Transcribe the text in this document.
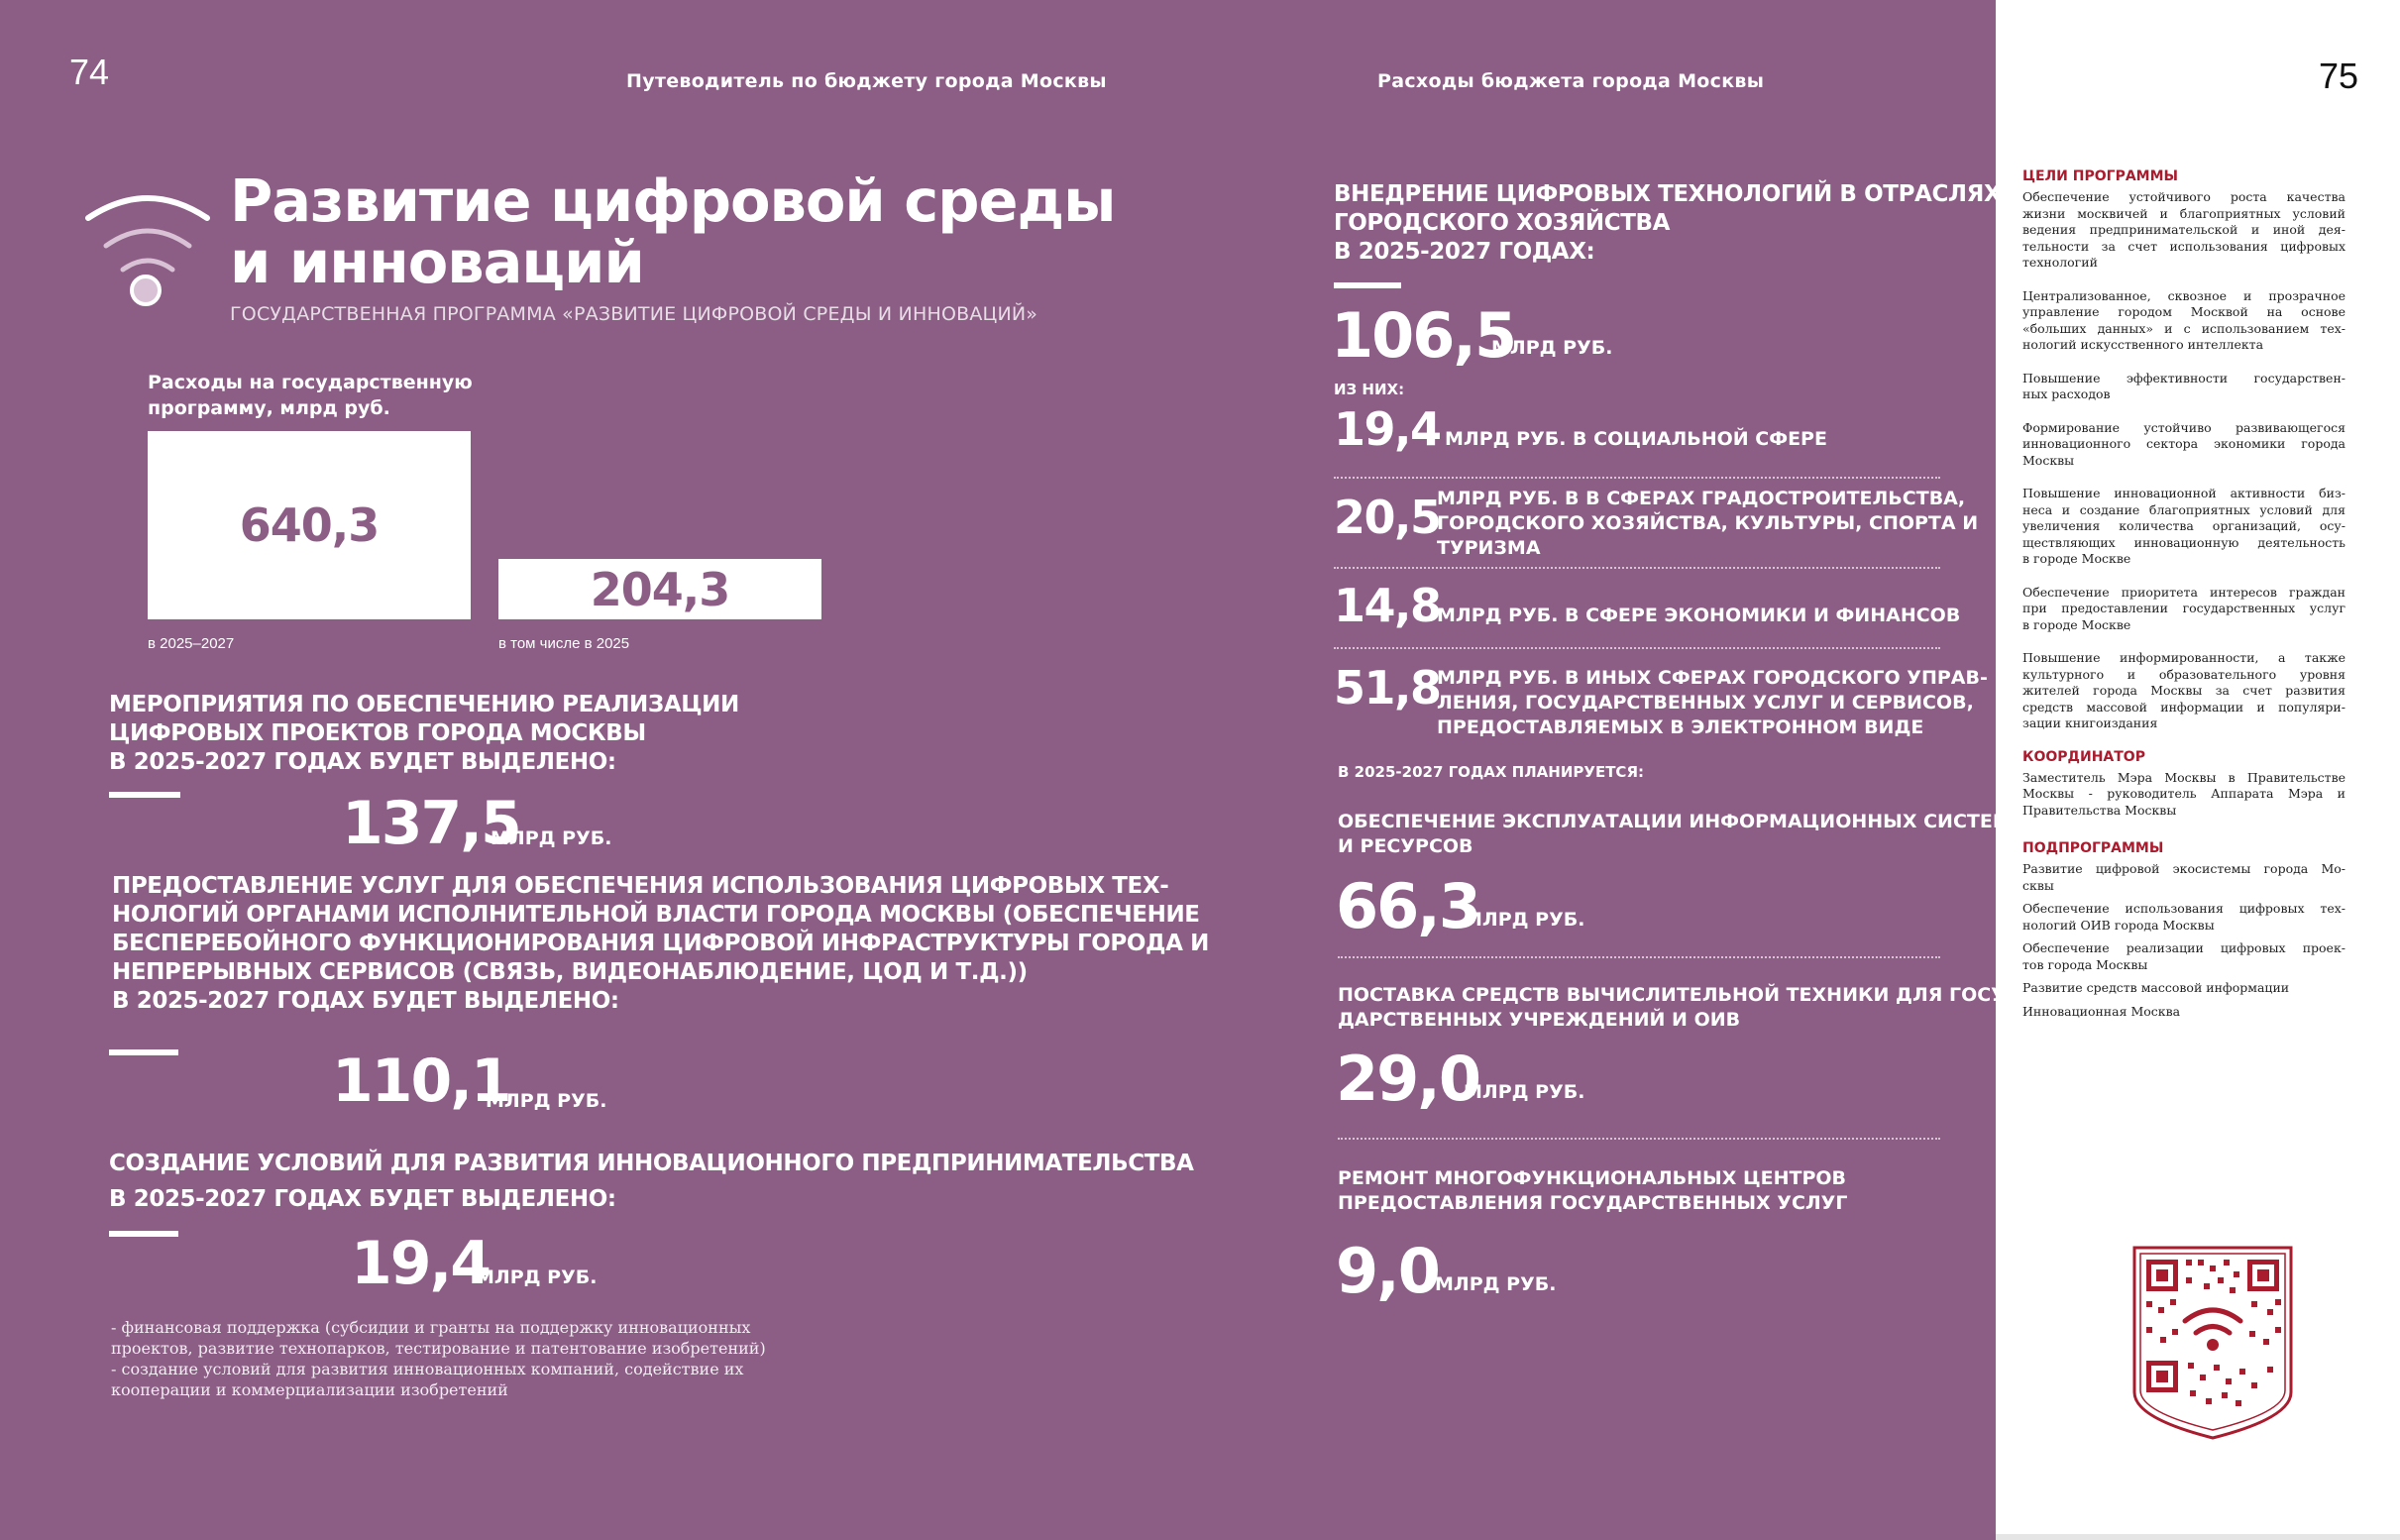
74	Путеводитель по бюджету города Москвы	Расходы бюджета города Москвы	75
Развитие цифровой среды
и инноваций
ГОСУДАРСТВЕННАЯ ПРОГРАММА «РАЗВИТИЕ ЦИФРОВОЙ СРЕДЫ И ИННОВАЦИЙ»
Расходы на государственную
программу, млрд руб.
640,3
в 2025–2027
204,3
в том числе в 2025
МЕРОПРИЯТИЯ ПО ОБЕСПЕЧЕНИЮ РЕАЛИЗАЦИИ
ЦИФРОВЫХ ПРОЕКТОВ ГОРОДА МОСКВЫ
В 2025-2027 ГОДАХ БУДЕТ ВЫДЕЛЕНО:
137,5
МЛРД РУБ.
ПРЕДОСТАВЛЕНИЕ УСЛУГ ДЛЯ ОБЕСПЕЧЕНИЯ ИСПОЛЬЗОВАНИЯ ЦИФРОВЫХ ТЕХ-
НОЛОГИЙ ОРГАНАМИ ИСПОЛНИТЕЛЬНОЙ ВЛАСТИ ГОРОДА МОСКВЫ (ОБЕСПЕЧЕНИЕ
БЕСПЕРЕБОЙНОГО ФУНКЦИОНИРОВАНИЯ ЦИФРОВОЙ ИНФРАСТРУКТУРЫ ГОРОДА И
НЕПРЕРЫВНЫХ СЕРВИСОВ (СВЯЗЬ, ВИДЕОНАБЛЮДЕНИЕ, ЦОД И Т.Д.))
В 2025-2027 ГОДАХ БУДЕТ ВЫДЕЛЕНО:
110,1
МЛРД РУБ.
СОЗДАНИЕ УСЛОВИЙ ДЛЯ РАЗВИТИЯ ИННОВАЦИОННОГО ПРЕДПРИНИМАТЕЛЬСТВА
В 2025-2027 ГОДАХ БУДЕТ ВЫДЕЛЕНО:
19,4
МЛРД РУБ.
- финансовая поддержка (субсидии и гранты на поддержку инновационных
проектов, развитие технопарков, тестирование и патентование изобретений)
- создание условий для развития инновационных компаний, содействие их
кооперации и коммерциализации изобретений
ВНЕДРЕНИЕ ЦИФРОВЫХ ТЕХНОЛОГИЙ В ОТРАСЛЯХ
ГОРОДСКОГО ХОЗЯЙСТВА
В 2025-2027 ГОДАХ:
106,5
МЛРД РУБ.
ИЗ НИХ:
19,4 МЛРД РУБ. В СОЦИАЛЬНОЙ СФЕРЕ
20,5
МЛРД РУБ. В В СФЕРАХ ГРАДОСТРОИТЕЛЬСТВА,
ГОРОДСКОГО ХОЗЯЙСТВА, КУЛЬТУРЫ, СПОРТА И
ТУРИЗМА
14,8
МЛРД РУБ. В СФЕРЕ ЭКОНОМИКИ И ФИНАНСОВ
51,8
МЛРД РУБ. В ИНЫХ СФЕРАХ ГОРОДСКОГО УПРАВ-
ЛЕНИЯ, ГОСУДАРСТВЕННЫХ УСЛУГ И СЕРВИСОВ,
ПРЕДОСТАВЛЯЕМЫХ В ЭЛЕКТРОННОМ ВИДЕ
В 2025-2027 ГОДАХ ПЛАНИРУЕТСЯ:
ОБЕСПЕЧЕНИЕ ЭКСПЛУАТАЦИИ ИНФОРМАЦИОННЫХ СИСТЕМ
И РЕСУРСОВ
66,3
МЛРД РУБ.
ПОСТАВКА СРЕДСТВ ВЫЧИСЛИТЕЛЬНОЙ ТЕХНИКИ ДЛЯ ГОСУ-
ДАРСТВЕННЫХ УЧРЕЖДЕНИЙ И ОИВ
29,0
МЛРД РУБ.
РЕМОНТ МНОГОФУНКЦИОНАЛЬНЫХ ЦЕНТРОВ
ПРЕДОСТАВЛЕНИЯ ГОСУДАРСТВЕННЫХ УСЛУГ
9,0
МЛРД РУБ.
ЦЕЛИ ПРОГРАММЫ
Обеспечение устойчивого роста качества
жизни москвичей и благоприятных условий
ведения предпринимательской и иной дея-
тельности за счет использования цифровых
технологий
Централизованное, сквозное и прозрачное
управление городом Москвой на основе
«больших данных» и с использованием тех-
нологий искусственного интеллекта
Повышение эффективности государствен-
ных расходов
Формирование устойчиво развивающегося
инновационного сектора экономики города
Москвы
Повышение инновационной активности биз-
неса и создание благоприятных условий для
увеличения количества организаций, осу-
ществляющих инновационную деятельность
в городе Москве
Обеспечение приоритета интересов граждан
при предоставлении государственных услуг
в городе Москве
Повышение информированности, а также
культурного и образовательного уровня
жителей города Москвы за счет развития
средств массовой информации и популяри-
зации книгоиздания
КООРДИНАТОР
Заместитель Мэра Москвы в Правительстве
Москвы - руководитель Аппарата Мэра и
Правительства Москвы
ПОДПРОГРАММЫ
Развитие цифровой экосистемы города Мо-
сквы
Обеспечение использования цифровых тех-
нологий ОИВ города Москвы
Обеспечение реализации цифровых проек-
тов города Москвы
Развитие средств массовой информации
Инновационная Москва
